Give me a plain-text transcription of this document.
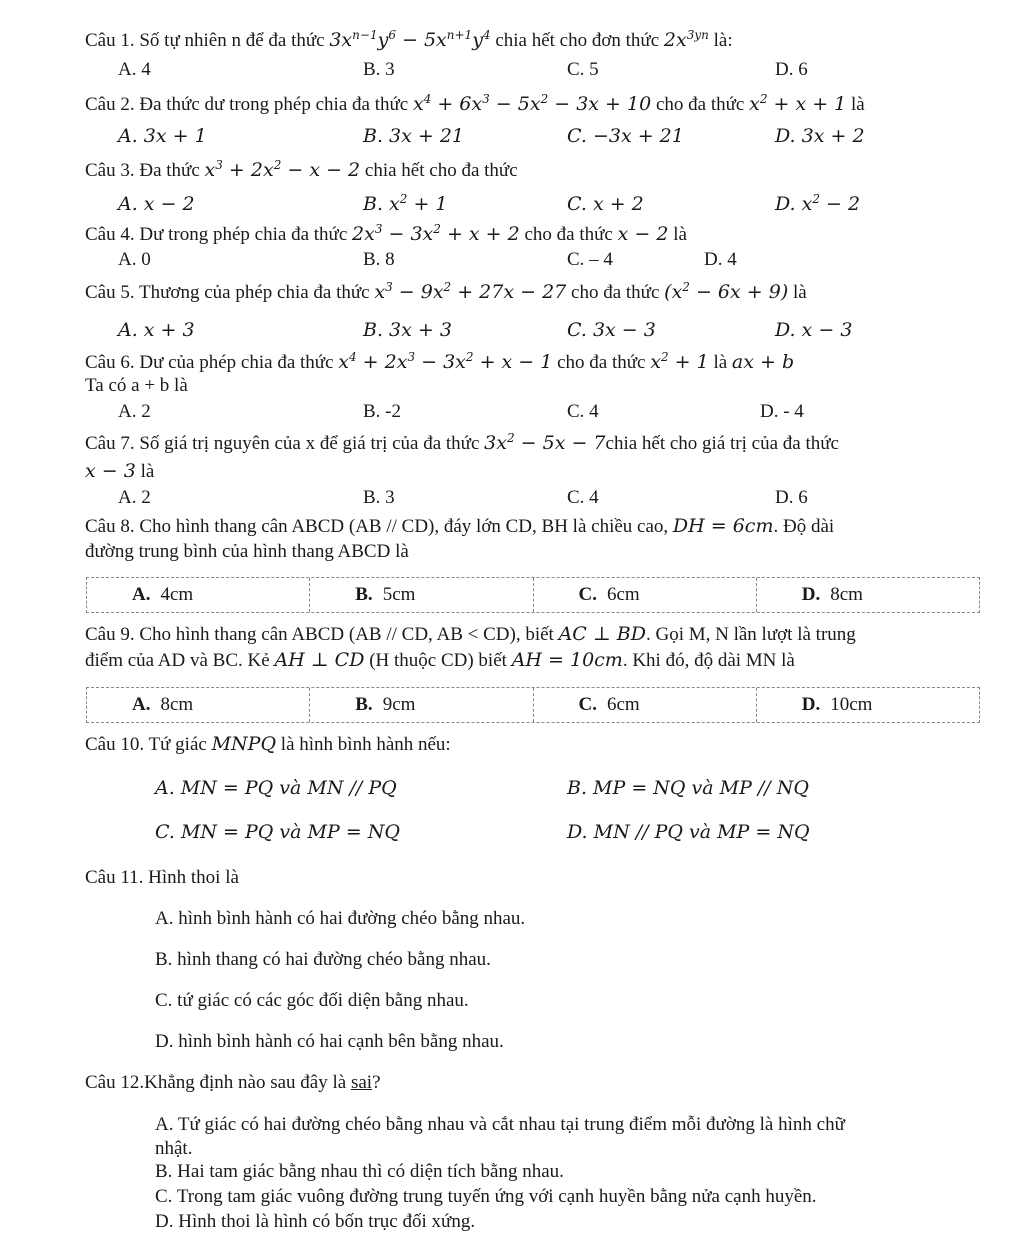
Câu 1. Số tự nhiên n để đa thức $3x^{n-1}y^6 - 5x^{n+1}y^4$ chia hết cho đơn thức $2x^{3yn}$ là:
A. 4	B. 3	C. 5	D. 6
Câu 2. Đa thức dư trong phép chia đa thức $x^4 + 6x^3 - 5x^2 - 3x + 10$ cho đa thức $x^2 + x + 1$ là
A. 3x + 1	B. 3x + 21	C. −3x + 21	D. 3x + 2
Câu 3. Đa thức $x^3 + 2x^2 - x - 2$ chia hết cho đa thức
A. x − 2	B. $x^2 + 1$	C. x + 2	D. $x^2 - 2$
Câu 4. Dư trong phép chia đa thức $2x^3 - 3x^2 + x + 2$ cho đa thức x − 2 là
A. 0	B. 8	C. – 4	D. 4
Câu 5. Thương của phép chia đa thức $x^3 - 9x^2 + 27x - 27$ cho đa thức $(x^2 - 6x + 9)$ là
A. x + 3	B. 3x + 3	C. 3x − 3	D. x − 3
Câu 6. Dư của phép chia đa thức $x^4 + 2x^3 - 3x^2 + x - 1$ cho đa thức $x^2 + 1$ là ax + b
Ta có a + b là
A. 2	B. -2	C. 4	D. - 4
Câu 7. Số giá trị nguyên của x để giá trị của đa thức $3x^2 - 5x$ − 7chia hết cho giá trị của đa thức
x − 3 là
A. 2	B. 3	C. 4	D. 6
Câu 8. Cho hình thang cân ABCD (AB // CD), đáy lớn CD, BH là chiều cao, DH = 6cm. Độ dài
đường trung bình của hình thang ABCD là
A. 4cm	B. 5cm	C. 6cm	D. 8cm
Câu 9. Cho hình thang cân ABCD (AB // CD, AB < CD), biết AC ⊥ BD. Gọi M, N lần lượt là trung
điểm của AD và BC. Kẻ AH ⊥ CD (H thuộc CD) biết AH = 10cm. Khi đó, độ dài MN là
A. 8cm	B. 9cm	C. 6cm	D. 10cm
Câu 10. Tứ giác MNPQ là hình bình hành nếu:
A. MN = PQ và MN // PQ	B. MP = NQ và MP // NQ
C. MN = PQ và MP = NQ	D. MN // PQ và MP = NQ
Câu 11. Hình thoi là
A. hình bình hành có hai đường chéo bằng nhau.
B. hình thang có hai đường chéo bằng nhau.
C. tứ giác có các góc đối diện bằng nhau.
D. hình bình hành có hai cạnh bên bằng nhau.
Câu 12.Khẳng định nào sau đây là sai?
A. Tứ giác có hai đường chéo bằng nhau và cắt nhau tại trung điểm mỗi đường là hình chữ
nhật.
B. Hai tam giác bằng nhau thì có diện tích bằng nhau.
C. Trong tam giác vuông đường trung tuyến ứng với cạnh huyền bằng nửa cạnh huyền.
D. Hình thoi là hình có bốn trục đối xứng.
